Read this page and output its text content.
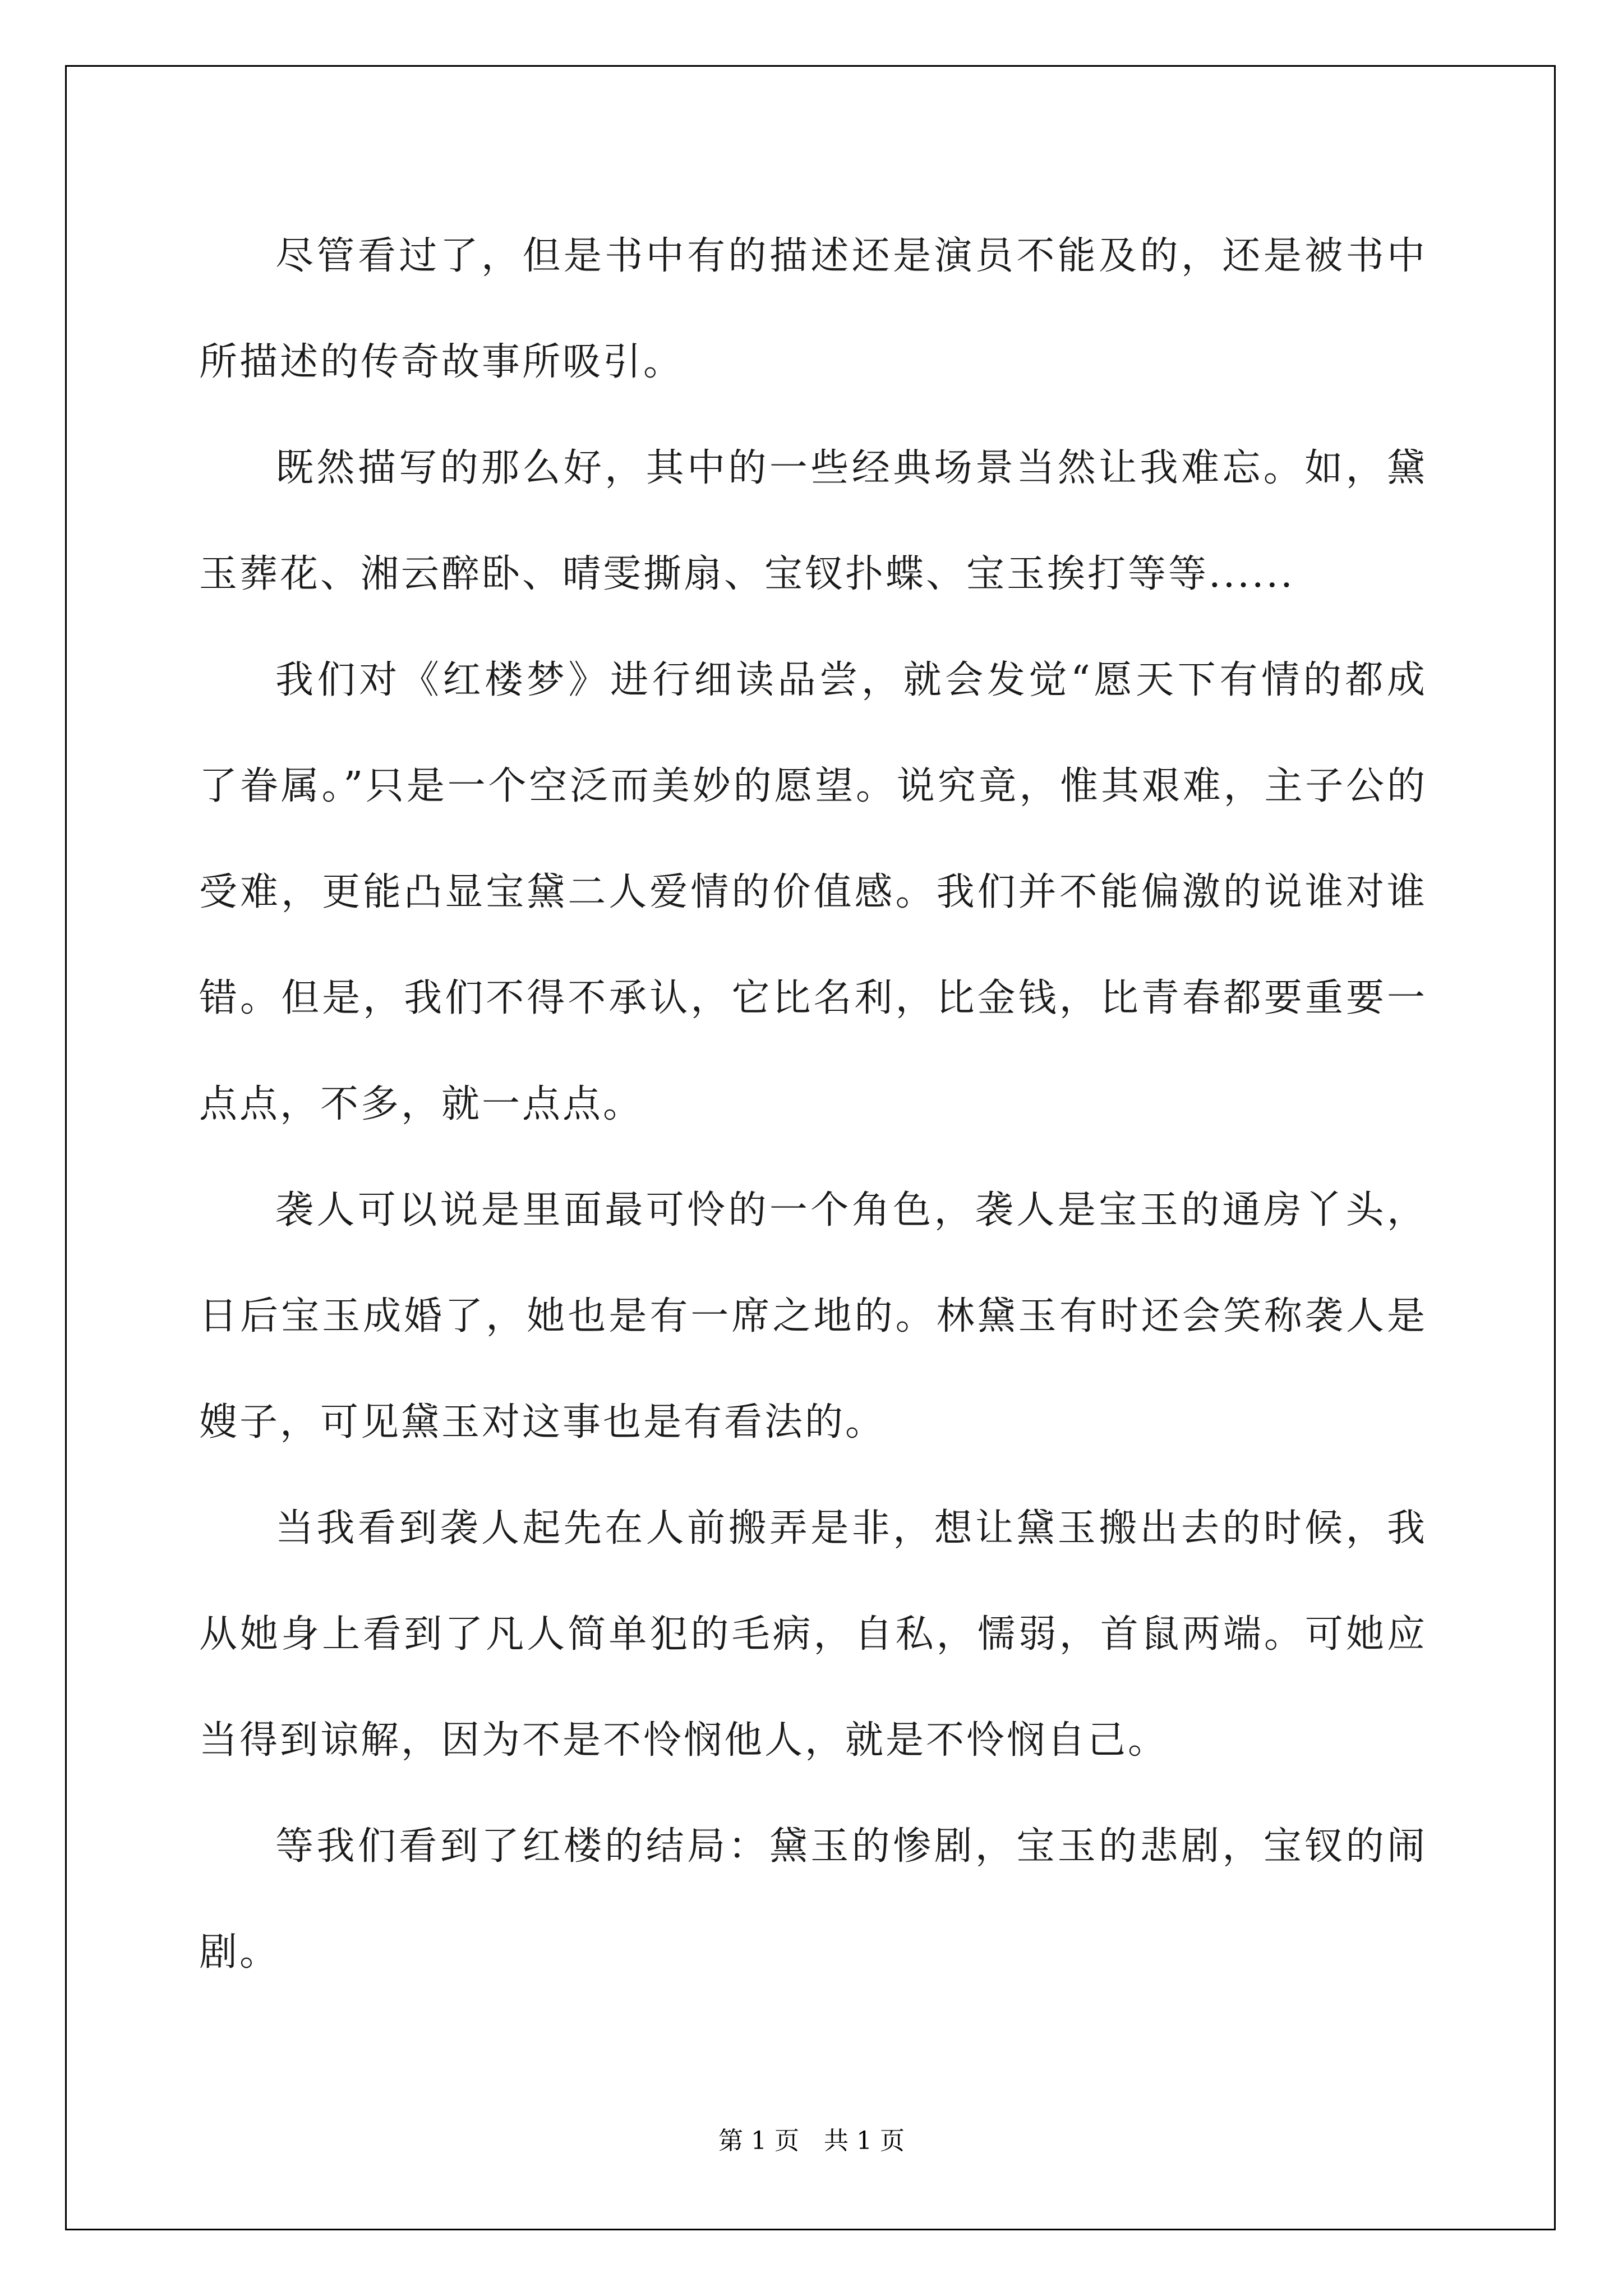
尽管看过了，但是书中有的描述还是演员不能及的，还是被书中所描述的传奇故事所吸引。

既然描写的那么好，其中的一些经典场景当然让我难忘。如，黛玉葬花、湘云醉卧、晴雯撕扇、宝钗扑蝶、宝玉挨打等等......

我们对《红楼梦》进行细读品尝，就会发觉“愿天下有情的都成了眷属。”只是一个空泛而美妙的愿望。说究竟，惟其艰难，主子公的受难，更能凸显宝黛二人爱情的价值感。我们并不能偏激的说谁对谁错。但是，我们不得不承认，它比名利，比金钱，比青春都要重要一点点，不多，就一点点。

袭人可以说是里面最可怜的一个角色，袭人是宝玉的通房丫头，日后宝玉成婚了，她也是有一席之地的。林黛玉有时还会笑称袭人是嫂子，可见黛玉对这事也是有看法的。

当我看到袭人起先在人前搬弄是非，想让黛玉搬出去的时候，我从她身上看到了凡人简单犯的毛病，自私，懦弱，首鼠两端。可她应当得到谅解，因为不是不怜悯他人，就是不怜悯自己。

等我们看到了红楼的结局：黛玉的惨剧，宝玉的悲剧，宝钗的闹剧。

第 1 页　共 1 页
